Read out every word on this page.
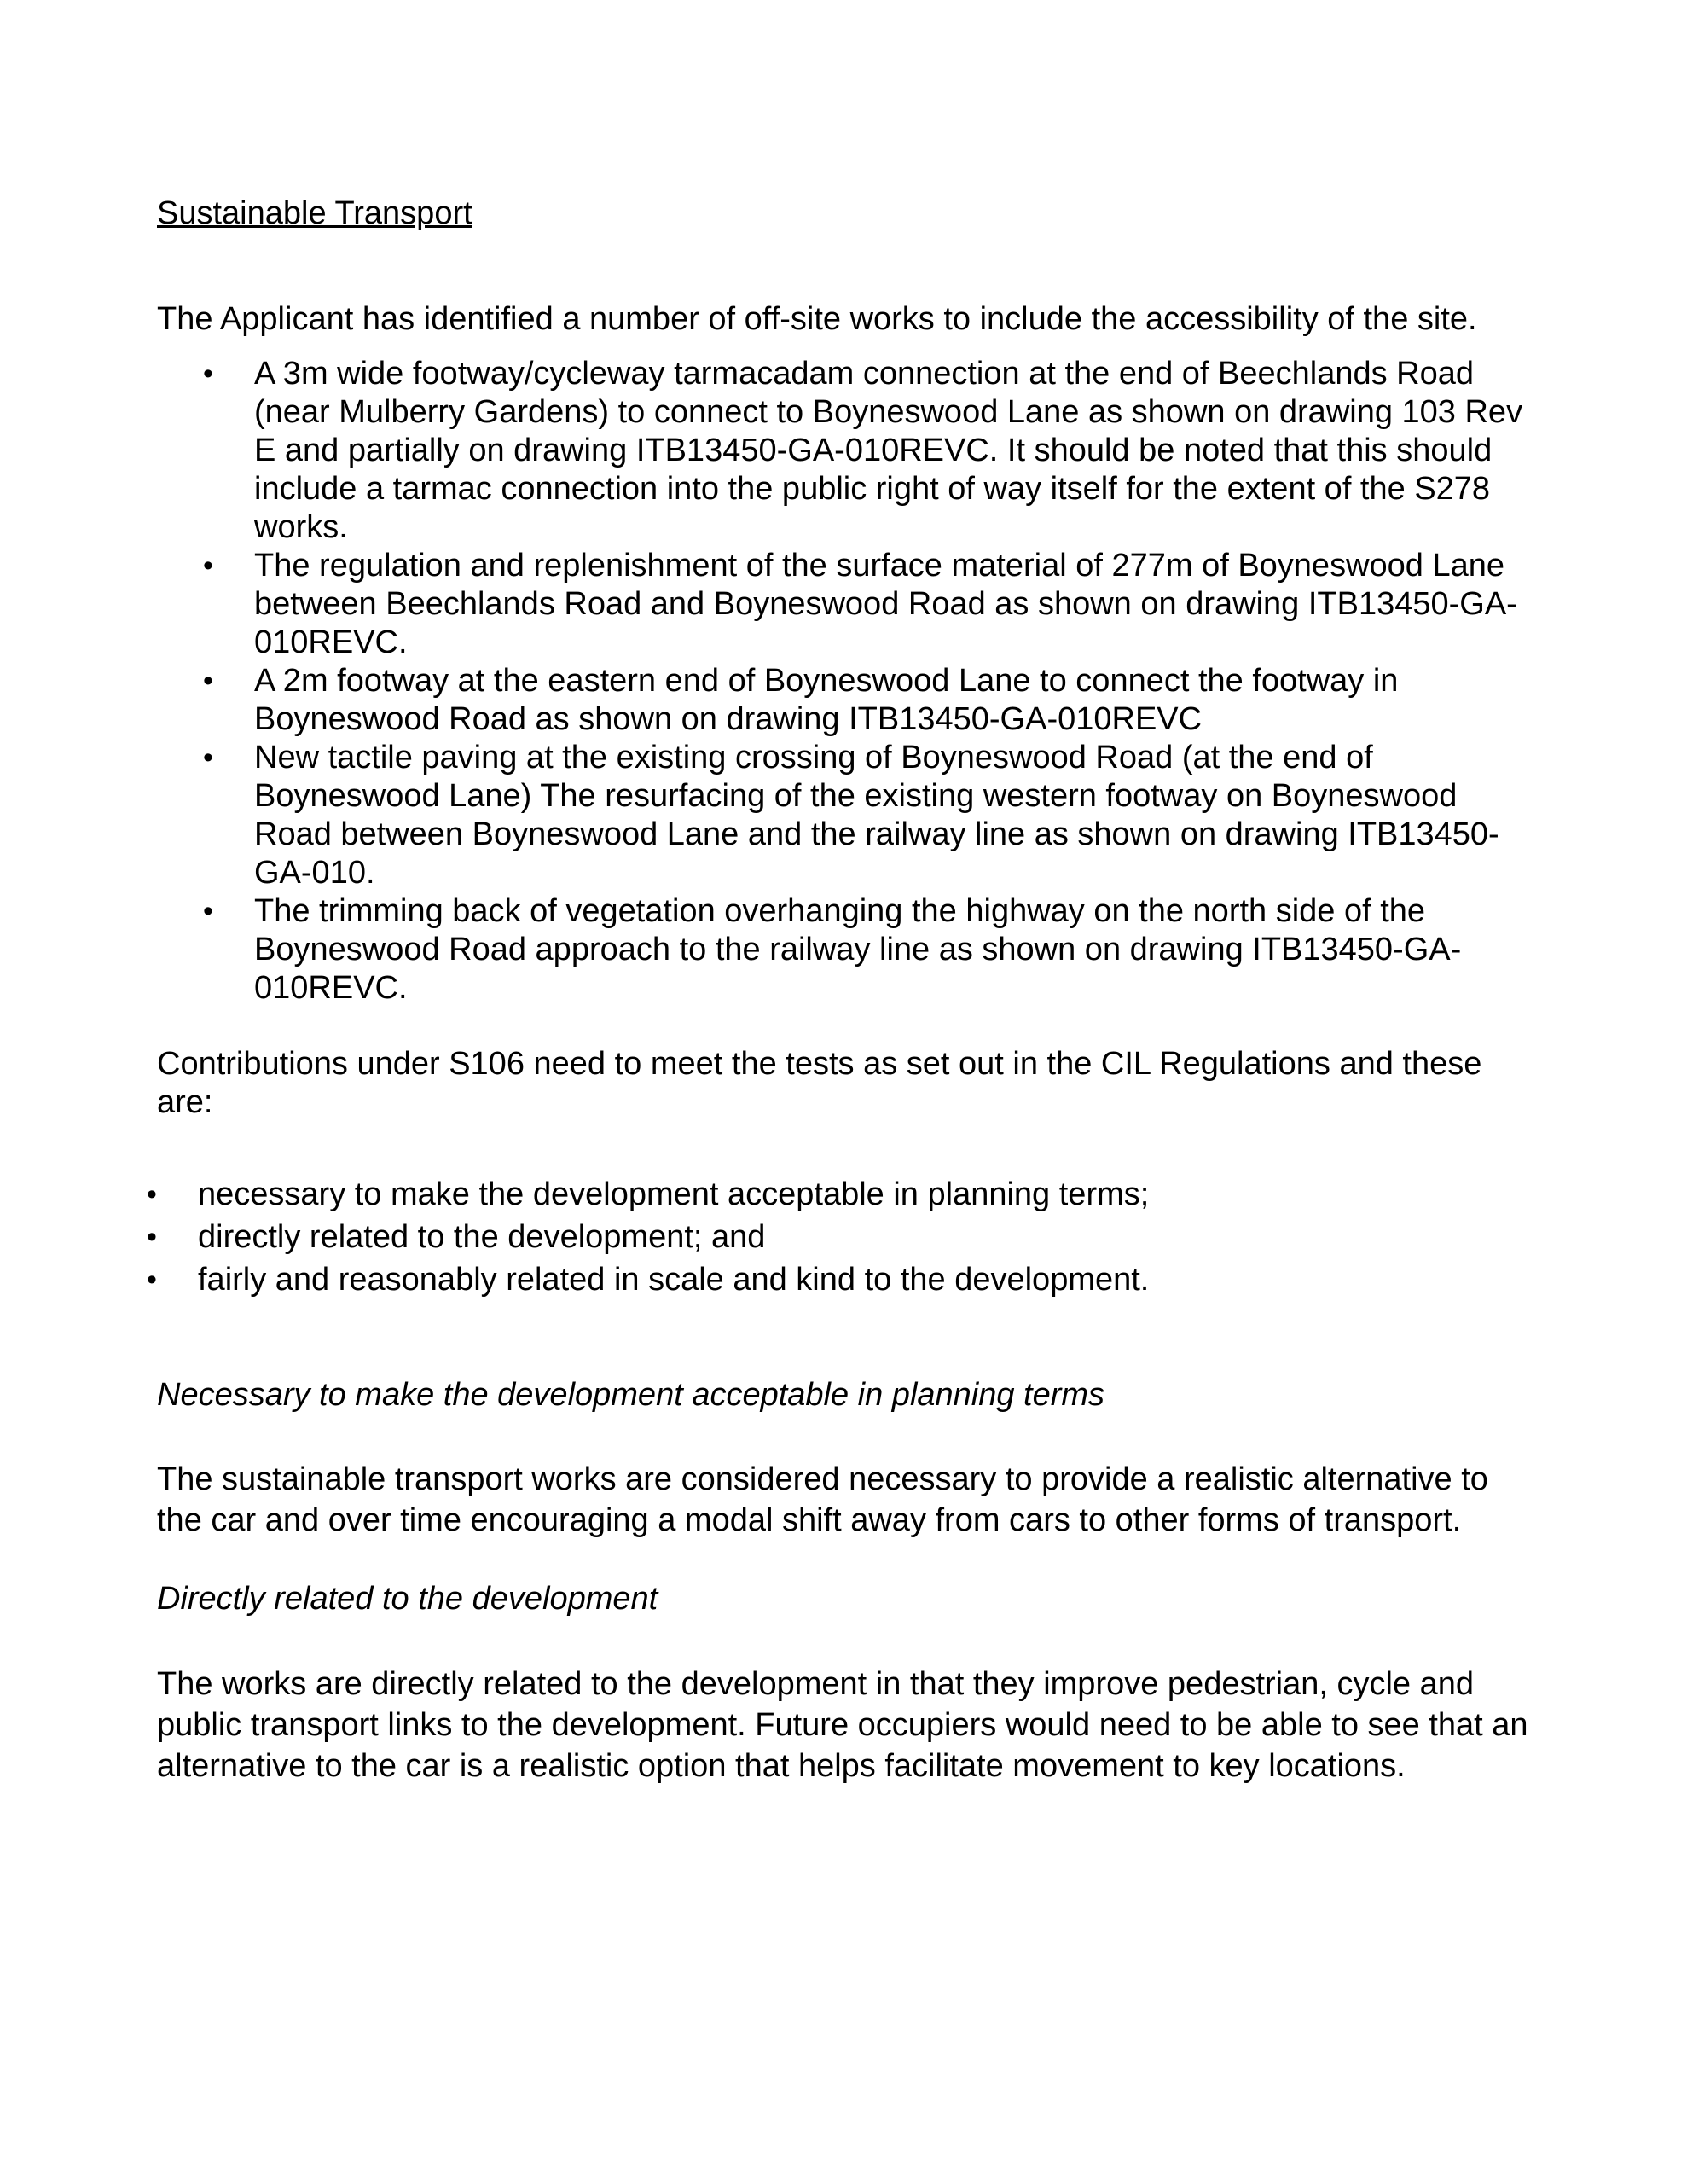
Sustainable Transport

The Applicant has identified a number of off-site works to include the accessibility of the site.

• A 3m wide footway/cycleway tarmacadam connection at the end of Beechlands Road (near Mulberry Gardens) to connect to Boyneswood Lane as shown on drawing 103 Rev E and partially on drawing ITB13450-GA-010REVC. It should be noted that this should include a tarmac connection into the public right of way itself for the extent of the S278 works.
• The regulation and replenishment of the surface material of 277m of Boyneswood Lane between Beechlands Road and Boyneswood Road as shown on drawing ITB13450-GA-010REVC.
• A 2m footway at the eastern end of Boyneswood Lane to connect the footway in Boyneswood Road as shown on drawing ITB13450-GA-010REVC
• New tactile paving at the existing crossing of Boyneswood Road (at the end of Boyneswood Lane) The resurfacing of the existing western footway on Boyneswood Road between Boyneswood Lane and the railway line as shown on drawing ITB13450-GA-010.
• The trimming back of vegetation overhanging the highway on the north side of the Boyneswood Road approach to the railway line as shown on drawing ITB13450-GA-010REVC.

Contributions under S106 need to meet the tests as set out in the CIL Regulations and these are:

• necessary to make the development acceptable in planning terms;
• directly related to the development; and
• fairly and reasonably related in scale and kind to the development.

Necessary to make the development acceptable in planning terms

The sustainable transport works are considered necessary to provide a realistic alternative to the car and over time encouraging a modal shift away from cars to other forms of transport.

Directly related to the development

The works are directly related to the development in that they improve pedestrian, cycle and public transport links to the development. Future occupiers would need to be able to see that an alternative to the car is a realistic option that helps facilitate movement to key locations.
